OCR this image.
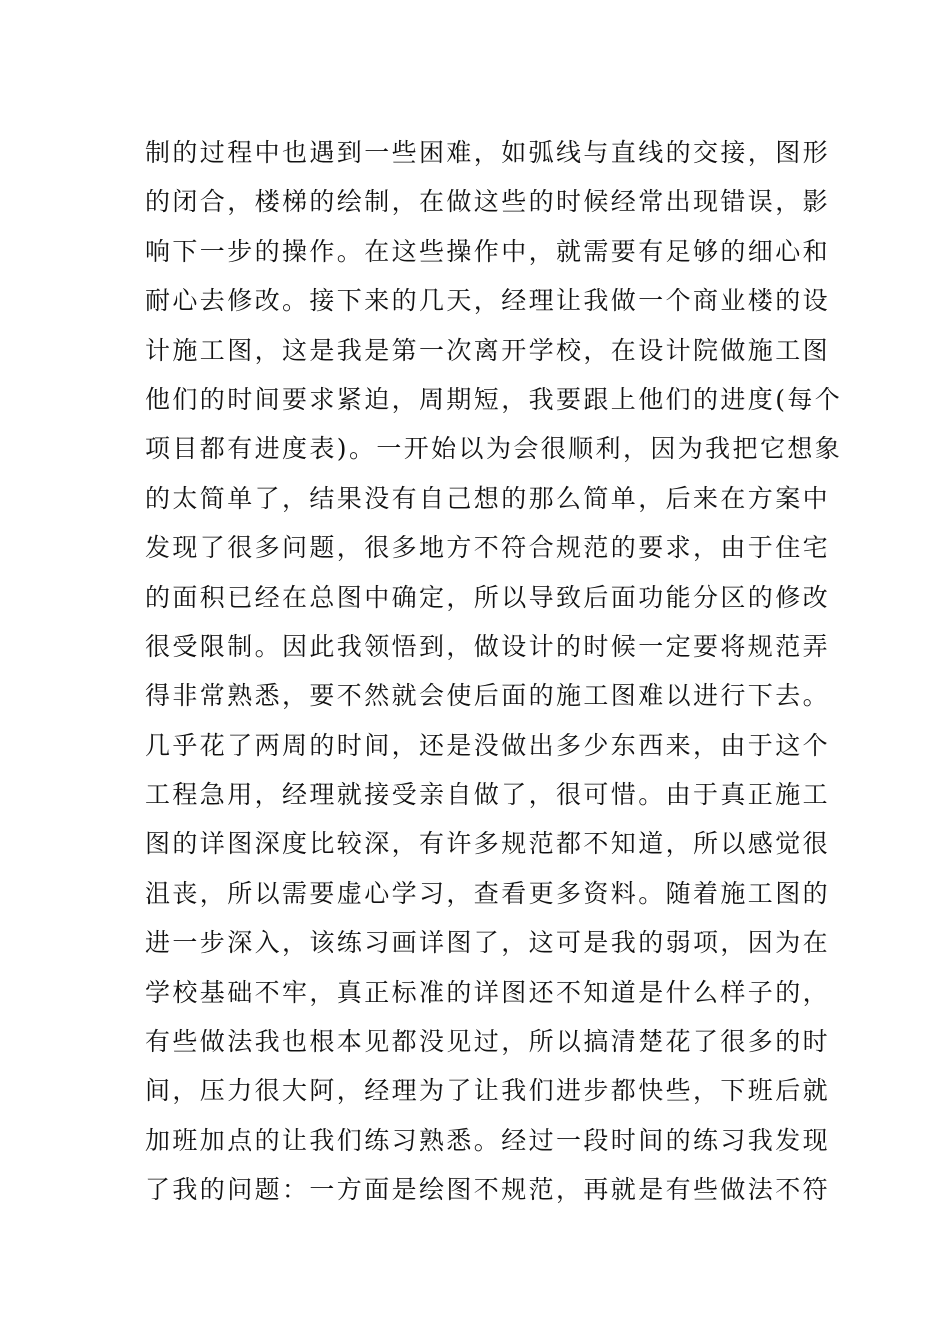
制的过程中也遇到一些困难，如弧线与直线的交接，图形
的闭合，楼梯的绘制，在做这些的时候经常出现错误，影
响下一步的操作。在这些操作中，就需要有足够的细心和
耐心去修改。接下来的几天，经理让我做一个商业楼的设
计施工图，这是我是第一次离开学校，在设计院做施工图
他们的时间要求紧迫，周期短，我要跟上他们的进度(每个
项目都有进度表)。一开始以为会很顺利，因为我把它想象
的太简单了，结果没有自己想的那么简单，后来在方案中
发现了很多问题，很多地方不符合规范的要求，由于住宅
的面积已经在总图中确定，所以导致后面功能分区的修改
很受限制。因此我领悟到，做设计的时候一定要将规范弄
得非常熟悉，要不然就会使后面的施工图难以进行下去。
几乎花了两周的时间，还是没做出多少东西来，由于这个
工程急用，经理就接受亲自做了，很可惜。由于真正施工
图的详图深度比较深，有许多规范都不知道，所以感觉很
沮丧，所以需要虚心学习，查看更多资料。随着施工图的
进一步深入，该练习画详图了，这可是我的弱项，因为在
学校基础不牢，真正标准的详图还不知道是什么样子的，
有些做法我也根本见都没见过，所以搞清楚花了很多的时
间，压力很大阿，经理为了让我们进步都快些，下班后就
加班加点的让我们练习熟悉。经过一段时间的练习我发现
了我的问题：一方面是绘图不规范，再就是有些做法不符
